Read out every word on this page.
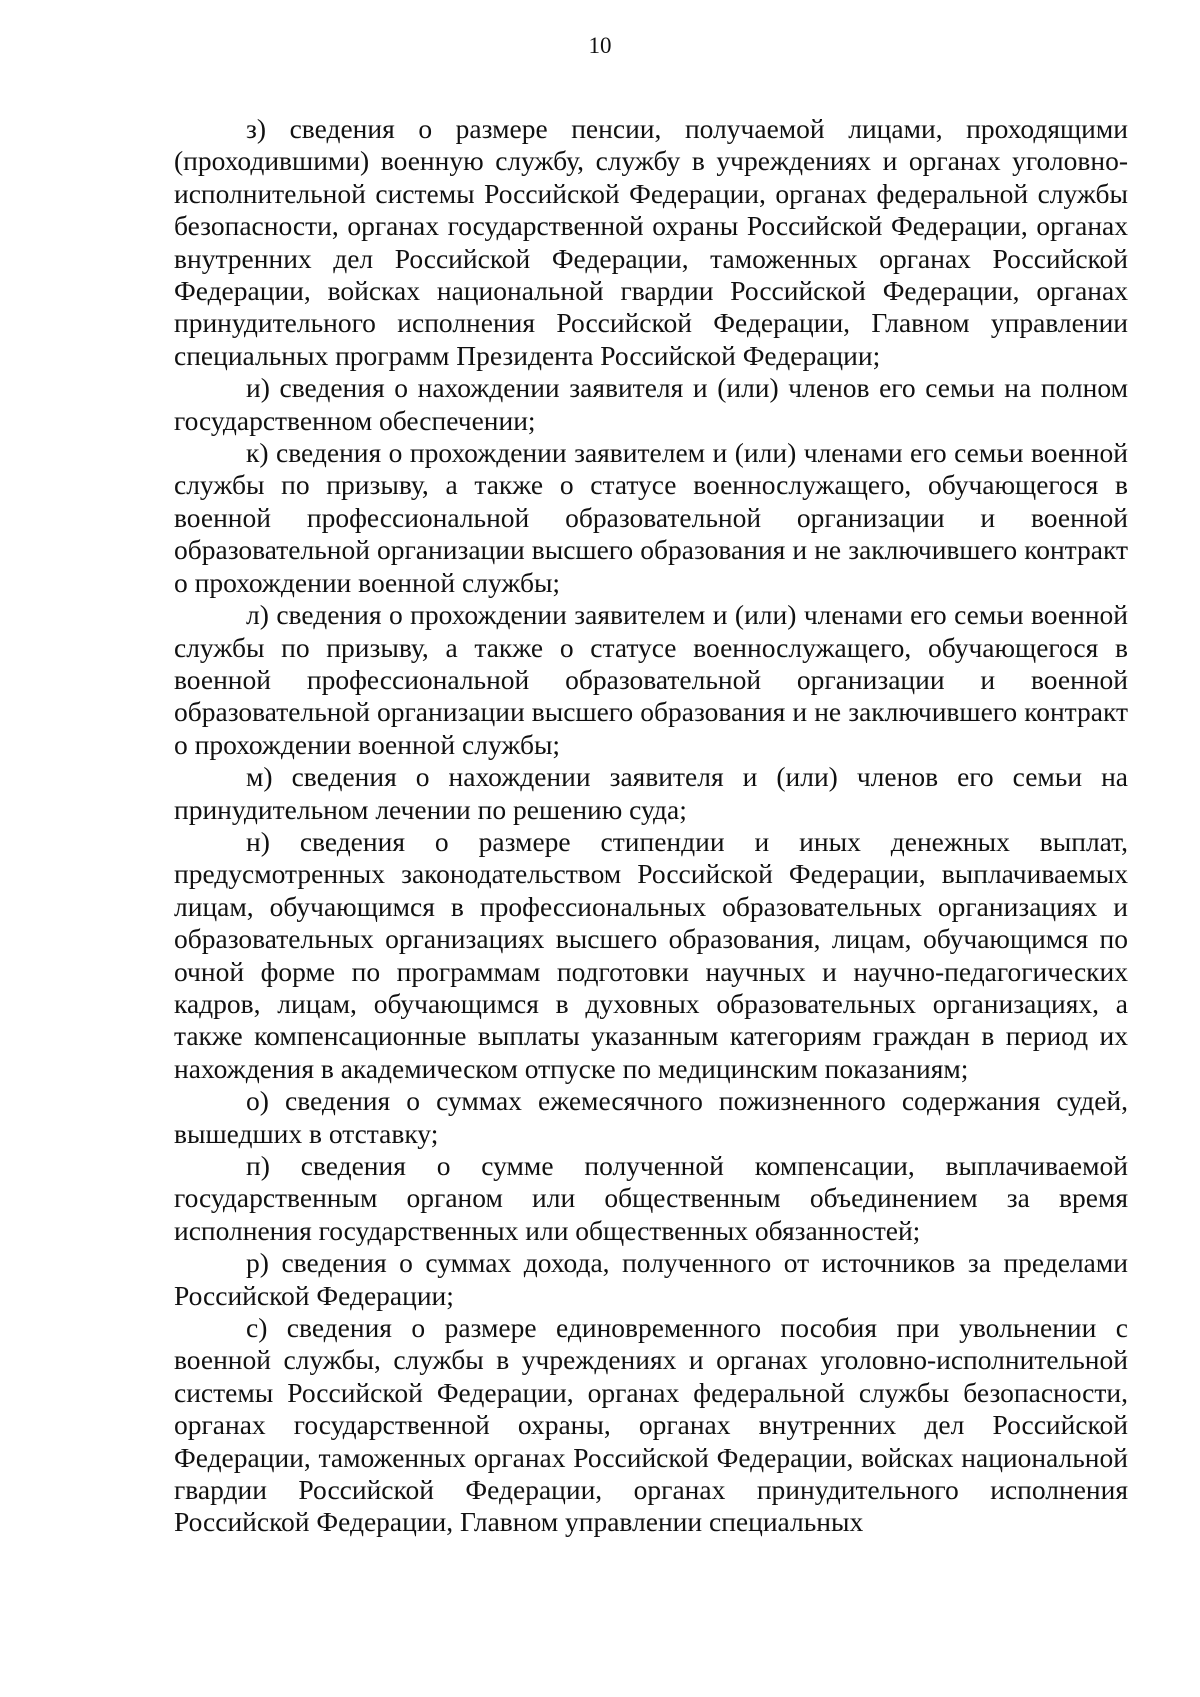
10

з) сведения о размере пенсии, получаемой лицами, проходящими (проходившими) военную службу, службу в учреждениях и органах уголовно-исполнительной системы Российской Федерации, органах федеральной службы безопасности, органах государственной охраны Российской Федерации, органах внутренних дел Российской Федерации, таможенных органах Российской Федерации, войсках национальной гвардии Российской Федерации, органах принудительного исполнения Российской Федерации, Главном управлении специальных программ Президента Российской Федерации;

и) сведения о нахождении заявителя и (или) членов его семьи на полном государственном обеспечении;

к) сведения о прохождении заявителем и (или) членами его семьи военной службы по призыву, а также о статусе военнослужащего, обучающегося в военной профессиональной образовательной организации и военной образовательной организации высшего образования и не заключившего контракт о прохождении военной службы;

л) сведения о прохождении заявителем и (или) членами его семьи военной службы по призыву, а также о статусе военнослужащего, обучающегося в военной профессиональной образовательной организации и военной образовательной организации высшего образования и не заключившего контракт о прохождении военной службы;

м) сведения о нахождении заявителя и (или) членов его семьи на принудительном лечении по решению суда;

н) сведения о размере стипендии и иных денежных выплат, предусмотренных законодательством Российской Федерации, выплачиваемых лицам, обучающимся в профессиональных образовательных организациях и образовательных организациях высшего образования, лицам, обучающимся по очной форме по программам подготовки научных и научно-педагогических кадров, лицам, обучающимся в духовных образовательных организациях, а также компенсационные выплаты указанным категориям граждан в период их нахождения в академическом отпуске по медицинским показаниям;

о) сведения о суммах ежемесячного пожизненного содержания судей, вышедших в отставку;

п) сведения о сумме полученной компенсации, выплачиваемой государственным органом или общественным объединением за время исполнения государственных или общественных обязанностей;

р) сведения о суммах дохода, полученного от источников за пределами Российской Федерации;

с) сведения о размере единовременного пособия при увольнении с военной службы, службы в учреждениях и органах уголовно-исполнительной системы Российской Федерации, органах федеральной службы безопасности, органах государственной охраны, органах внутренних дел Российской Федерации, таможенных органах Российской Федерации, войсках национальной гвардии Российской Федерации, органах принудительного исполнения Российской Федерации, Главном управлении специальных
